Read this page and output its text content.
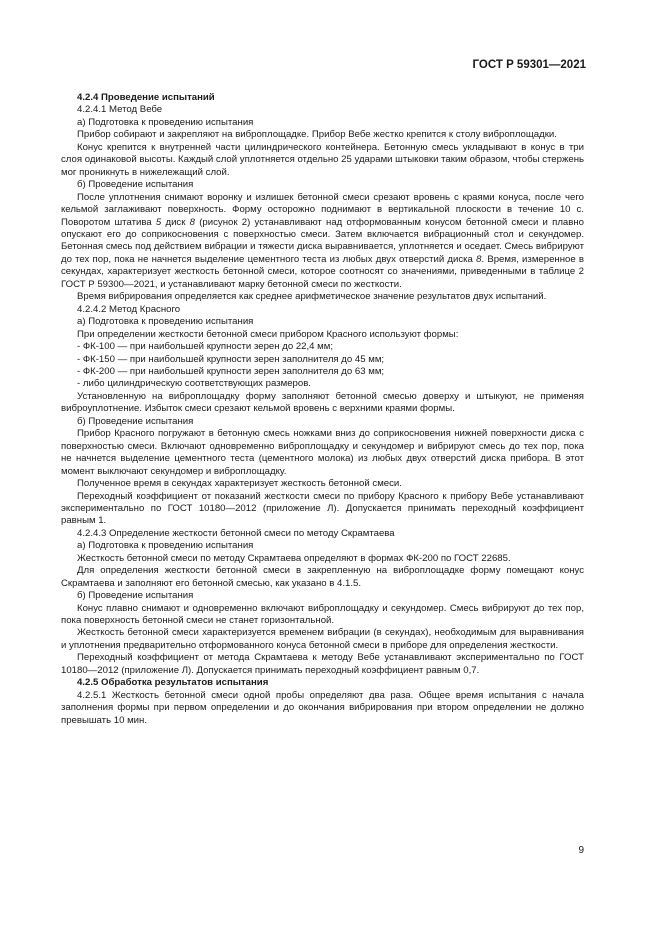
ГОСТ Р 59301—2021

4.2.4 Проведение испытаний

4.2.4.1 Метод Вебе

а) Подготовка к проведению испытания

Прибор собирают и закрепляют на виброплощадке. Прибор Вебе жестко крепится к столу виброплощадки.

Конус крепится к внутренней части цилиндрического контейнера. Бетонную смесь укладывают в конус в три слоя одинаковой высоты. Каждый слой уплотняется отдельно 25 ударами штыковки таким образом, чтобы стержень мог проникнуть в нижележащий слой.

б) Проведение испытания

После уплотнения снимают воронку и излишек бетонной смеси срезают вровень с краями конуса, после чего кельмой заглаживают поверхность. Форму осторожно поднимают в вертикальной плоскости в течение 10 с. Поворотом штатива 5 диск 8 (рисунок 2) устанавливают над отформованным конусом бетонной смеси и плавно опускают его до соприкосновения с поверхностью смеси. Затем включается вибрационный стол и секундомер. Бетонная смесь под действием вибрации и тяжести диска выравнивается, уплотняется и оседает. Смесь вибрируют до тех пор, пока не начнется выделение цементного теста из любых двух отверстий диска 8. Время, измеренное в секундах, характеризует жесткость бетонной смеси, которое соотносят со значениями, приведенными в таблице 2 ГОСТ Р 59300—2021, и устанавливают марку бетонной смеси по жесткости.

Время вибрирования определяется как среднее арифметическое значение результатов двух испытаний.

4.2.4.2 Метод Красного

а) Подготовка к проведению испытания

При определении жесткости бетонной смеси прибором Красного используют формы:

- ФК-100 — при наибольшей крупности зерен до 22,4 мм;

- ФК-150 — при наибольшей крупности зерен заполнителя до 45 мм;

- ФК-200 — при наибольшей крупности зерен заполнителя до 63 мм;

- либо цилиндрическую соответствующих размеров.

Установленную на виброплощадку форму заполняют бетонной смесью доверху и штыкуют, не применяя виброуплотнение. Избыток смеси срезают кельмой вровень с верхними краями формы.

б) Проведение испытания

Прибор Красного погружают в бетонную смесь ножками вниз до соприкосновения нижней поверхности диска с поверхностью смеси. Включают одновременно виброплощадку и секундомер и вибрируют смесь до тех пор, пока не начнется выделение цементного теста (цементного молока) из любых двух отверстий диска прибора. В этот момент выключают секундомер и виброплощадку.

Полученное время в секундах характеризует жесткость бетонной смеси.

Переходный коэффициент от показаний жесткости смеси по прибору Красного к прибору Вебе устанавливают экспериментально по ГОСТ 10180—2012 (приложение Л). Допускается принимать переходный коэффициент равным 1.

4.2.4.3 Определение жесткости бетонной смеси по методу Скрамтаева

а) Подготовка к проведению испытания

Жесткость бетонной смеси по методу Скрамтаева определяют в формах ФК-200 по ГОСТ 22685.

Для определения жесткости бетонной смеси в закрепленную на виброплощадке форму помещают конус Скрамтаева и заполняют его бетонной смесью, как указано в 4.1.5.

б) Проведение испытания

Конус плавно снимают и одновременно включают виброплощадку и секундомер. Смесь вибрируют до тех пор, пока поверхность бетонной смеси не станет горизонтальной.

Жесткость бетонной смеси характеризуется временем вибрации (в секундах), необходимым для выравнивания и уплотнения предварительно отформованного конуса бетонной смеси в приборе для определения жесткости.

Переходный коэффициент от метода Скрамтаева к методу Вебе устанавливают экспериментально по ГОСТ 10180—2012 (приложение Л). Допускается принимать переходный коэффициент равным 0,7.

4.2.5 Обработка результатов испытания

4.2.5.1 Жесткость бетонной смеси одной пробы определяют два раза. Общее время испытания с начала заполнения формы при первом определении и до окончания вибрирования при втором определении не должно превышать 10 мин.

9
